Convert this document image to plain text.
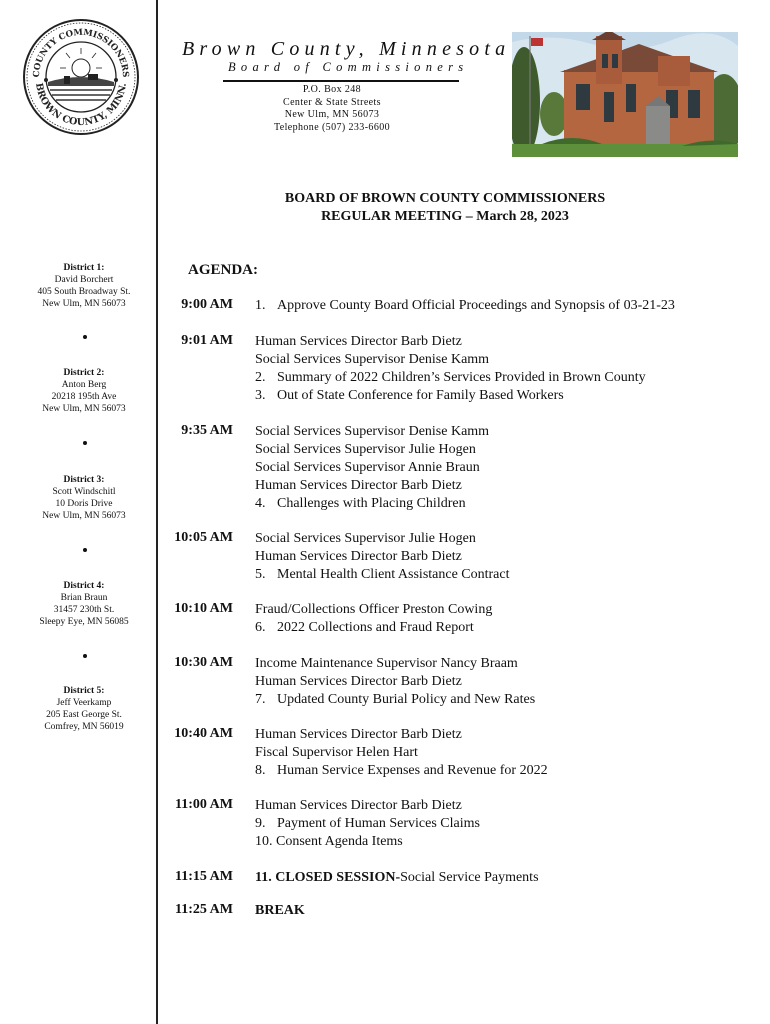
COUNTY COMMISSIONERS
BROWN COUNTY, MINN.
Brown County, Minnesota
Board of Commissioners
P.O. Box 248
Center & State Streets
New Ulm, MN 56073
Telephone (507) 233-6600
BOARD OF BROWN COUNTY COMMISSIONERS
REGULAR MEETING – March 28, 2023
District 1:
David Borchert
405 South Broadway St.
New Ulm, MN 56073
District 2:
Anton Berg
20218 195th Ave
New Ulm, MN 56073
District 3:
Scott Windschitl
10 Doris Drive
New Ulm, MN 56073
District 4:
Brian Braun
31457 230th St.
Sleepy Eye, MN 56085
District 5:
Jeff Veerkamp
205 East George St.
Comfrey, MN 56019
AGENDA:
9:00 AM 1. Approve County Board Official Proceedings and Synopsis of 03-21-23
9:01 AM Human Services Director Barb Dietz
Social Services Supervisor Denise Kamm
2. Summary of 2022 Children’s Services Provided in Brown County
3. Out of State Conference for Family Based Workers
9:35 AM Social Services Supervisor Denise Kamm
Social Services Supervisor Julie Hogen
Social Services Supervisor Annie Braun
Human Services Director Barb Dietz
4. Challenges with Placing Children
10:05 AM Social Services Supervisor Julie Hogen
Human Services Director Barb Dietz
5. Mental Health Client Assistance Contract
10:10 AM Fraud/Collections Officer Preston Cowing
6. 2022 Collections and Fraud Report
10:30 AM Income Maintenance Supervisor Nancy Braam
Human Services Director Barb Dietz
7. Updated County Burial Policy and New Rates
10:40 AM Human Services Director Barb Dietz
Fiscal Supervisor Helen Hart
8. Human Service Expenses and Revenue for 2022
11:00 AM Human Services Director Barb Dietz
9. Payment of Human Services Claims
10. Consent Agenda Items
11:15 AM 11. CLOSED SESSION-Social Service Payments
11:25 AM BREAK
